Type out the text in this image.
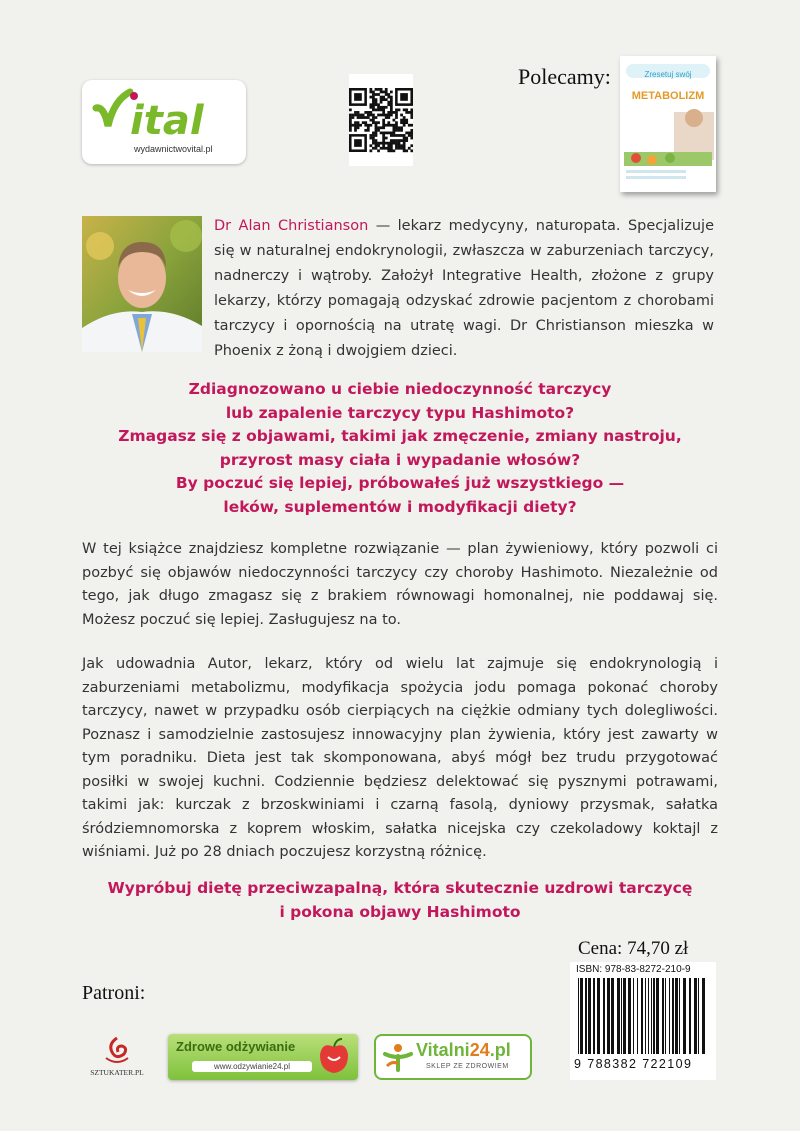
ital
wydawnictwovital.pl
Polecamy:	Zresetuj swój
METABOLIZM

Dr Alan Christianson — lekarz medycyny, naturopata. Specjalizuje się w naturalnej endokrynologii, zwłaszcza w zaburzeniach tarczycy, nadnerczy i wątroby. Założył Integrative Health, złożone z grupy lekarzy, którzy pomagają odzyskać zdrowie pacjentom z chorobami tarczycy i opornością na utratę wagi. Dr Christianson mieszka w Phoenix z żoną i dwojgiem dzieci.

Zdiagnozowano u ciebie niedoczynność tarczycy
lub zapalenie tarczycy typu Hashimoto?
Zmagasz się z objawami, takimi jak zmęczenie, zmiany nastroju,
przyrost masy ciała i wypadanie włosów?
By poczuć się lepiej, próbowałeś już wszystkiego —
leków, suplementów i modyfikacji diety?

W tej książce znajdziesz kompletne rozwiązanie — plan żywieniowy, który pozwoli ci pozbyć się objawów niedoczynności tarczycy czy choroby Hashimoto. Niezależnie od tego, jak długo zmagasz się z brakiem równowagi homonalnej, nie poddawaj się. Możesz poczuć się lepiej. Zasługujesz na to.

Jak udowadnia Autor, lekarz, który od wielu lat zajmuje się endokrynologią i zaburzeniami metabolizmu, modyfikacja spożycia jodu pomaga pokonać choroby tarczycy, nawet w przypadku osób cierpiących na ciężkie odmiany tych dolegliwości. Poznasz i samodzielnie zastosujesz innowacyjny plan żywienia, który jest zawarty w tym poradniku. Dieta jest tak skomponowana, abyś mógł bez trudu przygotować posiłki w swojej kuchni. Codziennie będziesz delektować się pysznymi potrawami, takimi jak: kurczak z brzoskwiniami i czarną fasolą, dyniowy przysmak, sałatka śródziemnomorska z koprem włoskim, sałatka nicejska czy czekoladowy koktajl z wiśniami. Już po 28 dniach poczujesz korzystną różnicę.

Wypróbuj dietę przeciwzapalną, która skutecznie uzdrowi tarczycę
i pokona objawy Hashimoto
Cena: 74,70 zł
ISBN: 978-83-8272-210-9
9 788382 722109
Patroni:
SZTUKATER.PL
Zdrowe odżywianie
www.odzywianie24.pl
Vitalni24.pl
SKLEP ZE ZDROWIEM
